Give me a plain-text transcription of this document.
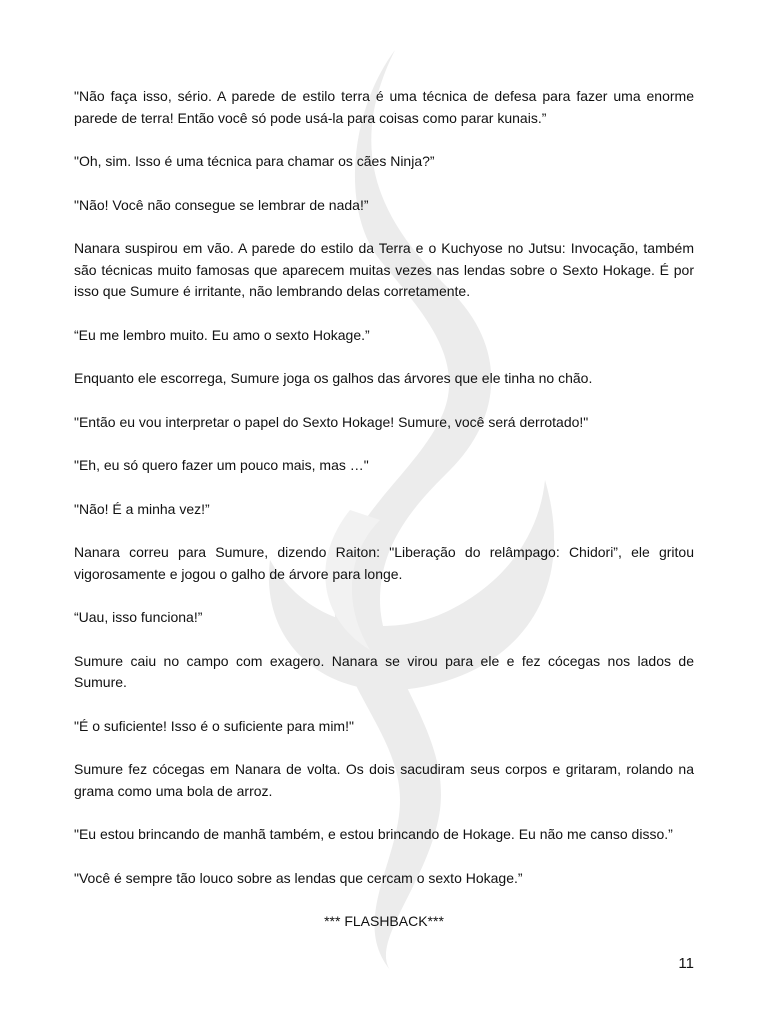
"Não faça isso, sério. A parede de estilo terra é uma técnica de defesa para fazer uma enorme parede de terra! Então você só pode usá-la para coisas como parar kunais.”

"Oh, sim. Isso é uma técnica para chamar os cães Ninja?”

"Não! Você não consegue se lembrar de nada!”

Nanara suspirou em vão. A parede do estilo da Terra e o Kuchyose no Jutsu: Invocação, também são técnicas muito famosas que aparecem muitas vezes nas lendas sobre o Sexto Hokage. É por isso que Sumure é irritante, não lembrando delas corretamente.

“Eu me lembro muito. Eu amo o sexto Hokage.”

Enquanto ele escorrega, Sumure joga os galhos das árvores que ele tinha no chão.

"Então eu vou interpretar o papel do Sexto Hokage! Sumure, você será derrotado!"

"Eh, eu só quero fazer um pouco mais, mas …"

"Não! É a minha vez!”

Nanara correu para Sumure, dizendo Raiton: "Liberação do relâmpago: Chidori”, ele gritou vigorosamente e jogou o galho de árvore para longe.

“Uau, isso funciona!”

Sumure caiu no campo com exagero. Nanara se virou para ele e fez cócegas nos lados de Sumure.

"É o suficiente! Isso é o suficiente para mim!"

Sumure fez cócegas em Nanara de volta. Os dois sacudiram seus corpos e gritaram, rolando na grama como uma bola de arroz.

"Eu estou brincando de manhã também, e estou brincando de Hokage. Eu não me canso disso.”

"Você é sempre tão louco sobre as lendas que cercam o sexto Hokage.”

*** FLASHBACK***

11
